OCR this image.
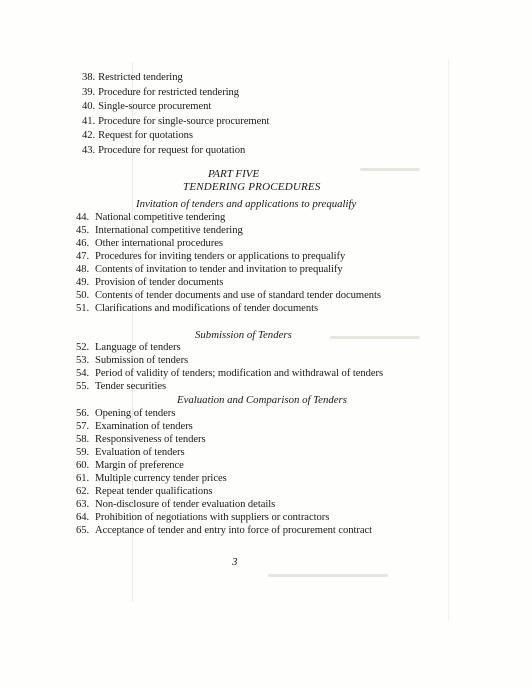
38. Restricted tendering
39. Procedure for restricted tendering
40. Single-source procurement
41. Procedure for single-source procurement
42. Request for quotations
43. Procedure for request for quotation
PART FIVE
TENDERING PROCEDURES
Invitation of tenders and applications to prequalify
44. National competitive tendering
45. International competitive tendering
46. Other international procedures
47. Procedures for inviting tenders or applications to prequalify
48. Contents of invitation to tender and invitation to prequalify
49. Provision of tender documents
50. Contents of tender documents and use of standard tender documents
51. Clarifications and modifications of tender documents
Submission of Tenders
52. Language of tenders
53. Submission of tenders
54. Period of validity of tenders; modification and withdrawal of tenders
55. Tender securities
Evaluation and Comparison of Tenders
56. Opening of tenders
57. Examination of tenders
58. Responsiveness of tenders
59. Evaluation of tenders
60. Margin of preference
61. Multiple currency tender prices
62. Repeat tender qualifications
63. Non-disclosure of tender evaluation details
64. Prohibition of negotiations with suppliers or contractors
65. Acceptance of tender and entry into force of procurement contract
3
